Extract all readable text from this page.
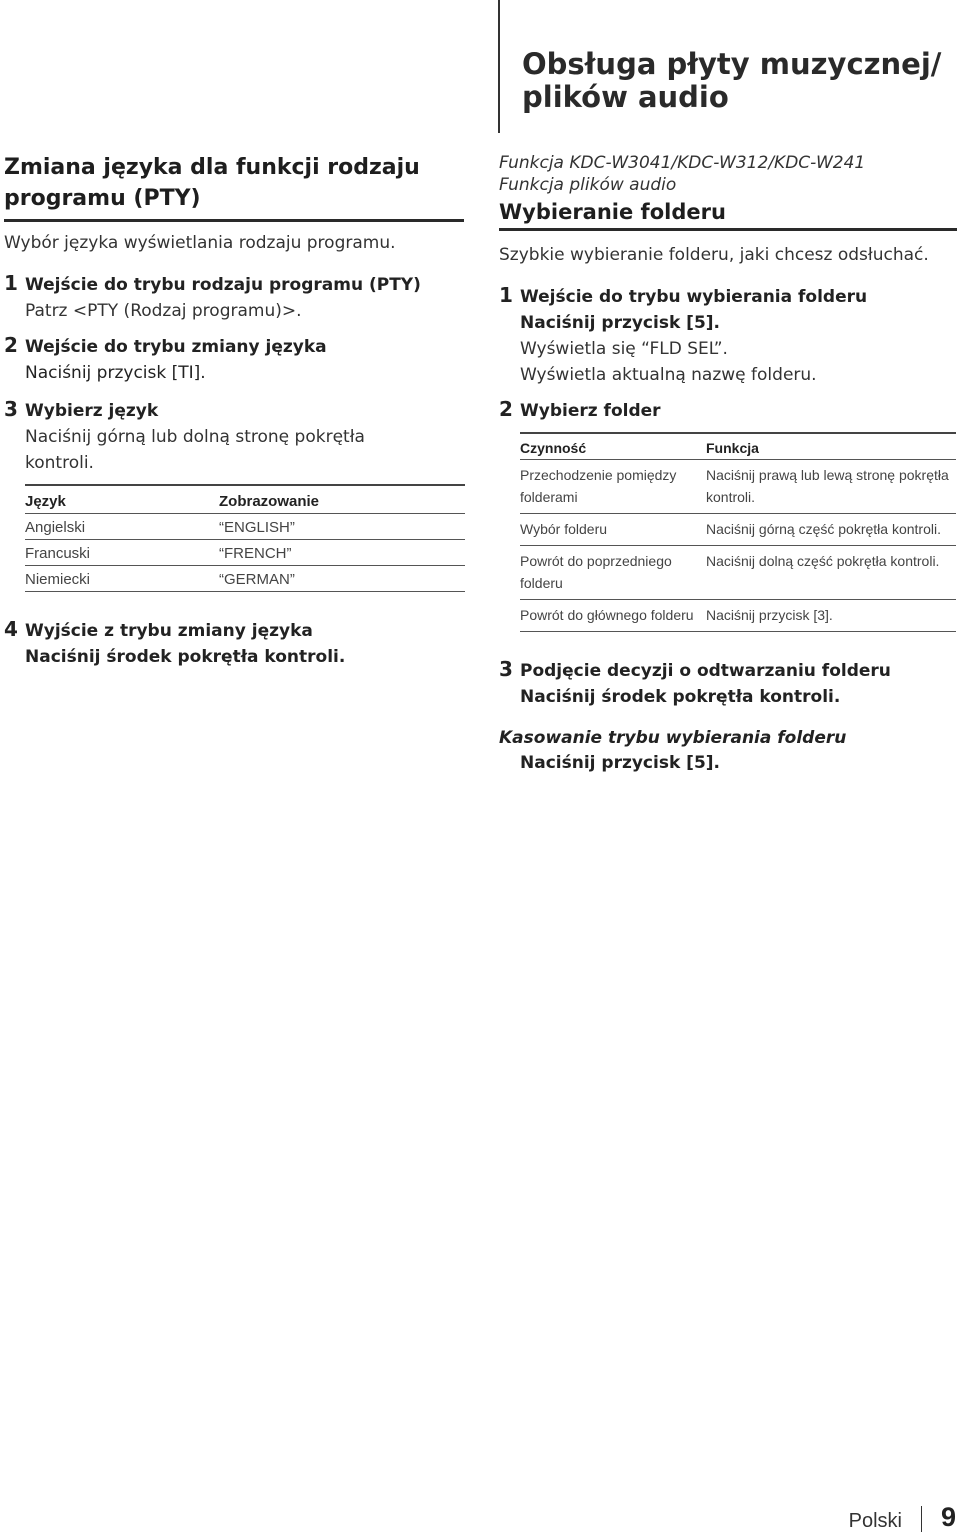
Obsługa płyty muzycznej/
plików audio
Zmiana języka dla funkcji rodzaju
programu (PTY)
Wybór języka wyświetlania rodzaju programu.
1 Wejście do trybu rodzaju programu (PTY)
Patrz <PTY (Rodzaj programu)>.
2 Wejście do trybu zmiany języka
Naciśnij przycisk [TI].
3 Wybierz język
Naciśnij górną lub dolną stronę pokrętła
kontroli.
Język	Zobrazowanie
Angielski	“ENGLISH”
Francuski	“FRENCH”
Niemiecki	“GERMAN”
4 Wyjście z trybu zmiany języka
Naciśnij środek pokrętła kontroli.
Funkcja KDC-W3041/KDC-W312/KDC-W241
Funkcja plików audio
Wybieranie folderu
Szybkie wybieranie folderu, jaki chcesz odsłuchać.
1 Wejście do trybu wybierania folderu
Naciśnij przycisk [5].
Wyświetla się “FLD SEL”.
Wyświetla aktualną nazwę folderu.
2 Wybierz folder
Czynność	Funkcja
Przechodzenie pomiędzy folderami	Naciśnij prawą lub lewą stronę pokrętła kontroli.
Wybór folderu	Naciśnij górną część pokrętła kontroli.
Powrót do poprzedniego folderu	Naciśnij dolną część pokrętła kontroli.
Powrót do głównego folderu	Naciśnij przycisk [3].
3 Podjęcie decyzji o odtwarzaniu folderu
Naciśnij środek pokrętła kontroli.
Kasowanie trybu wybierania folderu
Naciśnij przycisk [5].
Polski 9
